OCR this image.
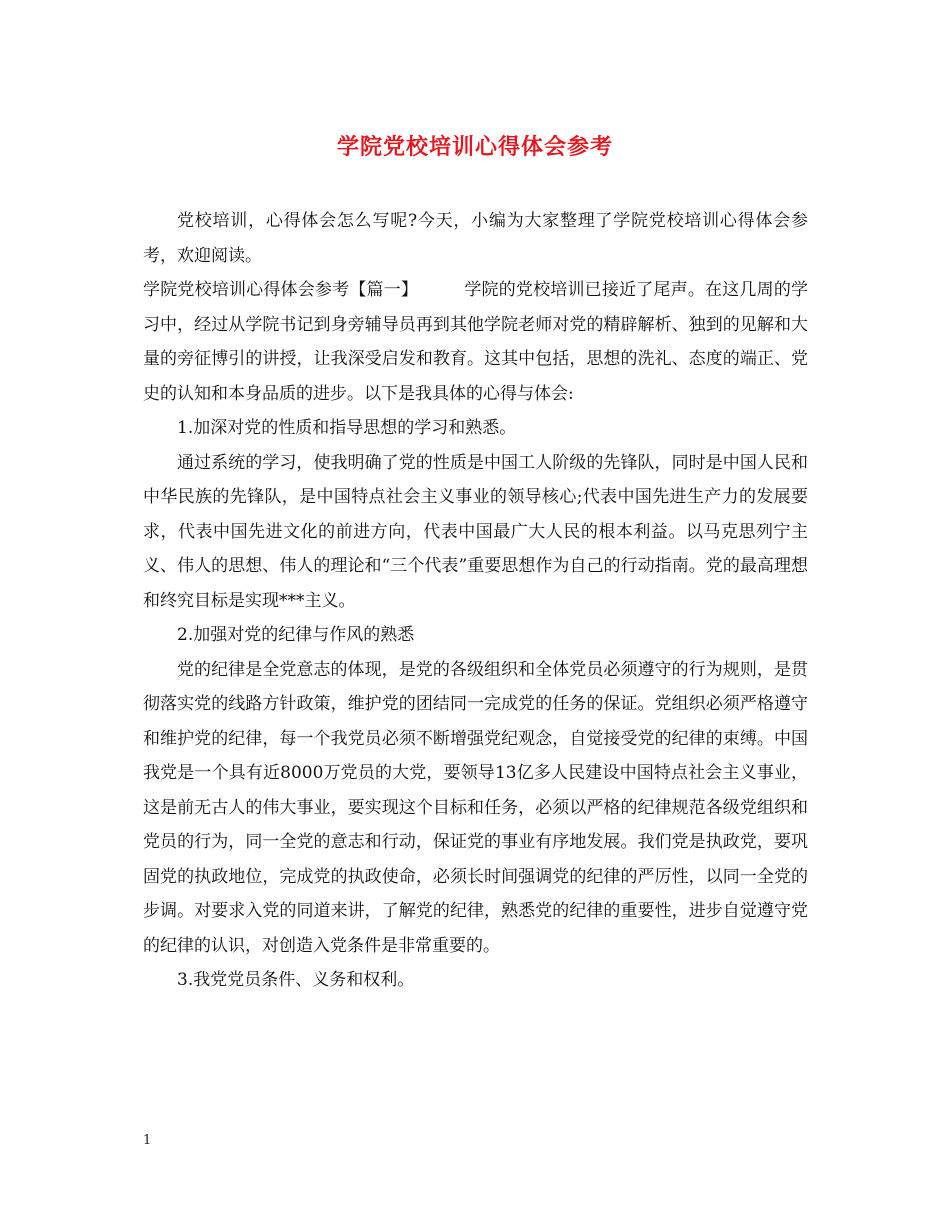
学院党校培训心得体会参考

党校培训，心得体会怎么写呢?今天，小编为大家整理了学院党校培训心得体会参考，欢迎阅读。

学院党校培训心得体会参考【篇一】	学院的党校培训已接近了尾声。在这几周的学习中，经过从学院书记到身旁辅导员再到其他学院老师对党的精辟解析、独到的见解和大量的旁征博引的讲授，让我深受启发和教育。这其中包括，思想的洗礼、态度的端正、党史的认知和本身品质的进步。以下是我具体的心得与体会:

1.加深对党的性质和指导思想的学习和熟悉。

通过系统的学习，使我明确了党的性质是中国工人阶级的先锋队，同时是中国人民和中华民族的先锋队，是中国特点社会主义事业的领导核心;代表中国先进生产力的发展要求，代表中国先进文化的前进方向，代表中国最广大人民的根本利益。以马克思列宁主义、伟人的思想、伟人的理论和“三个代表”重要思想作为自己的行动指南。党的最高理想和终究目标是实现***主义。

2.加强对党的纪律与作风的熟悉

党的纪律是全党意志的体现，是党的各级组织和全体党员必须遵守的行为规则，是贯彻落实党的线路方针政策，维护党的团结同一完成党的任务的保证。党组织必须严格遵守和维护党的纪律，每一个我党员必须不断增强党纪观念，自觉接受党的纪律的束缚。中国我党是一个具有近8000万党员的大党，要领导13亿多人民建设中国特点社会主义事业，这是前无古人的伟大事业，要实现这个目标和任务，必须以严格的纪律规范各级党组织和党员的行为，同一全党的意志和行动，保证党的事业有序地发展。我们党是执政党，要巩固党的执政地位，完成党的执政使命，必须长时间强调党的纪律的严厉性，以同一全党的步调。对要求入党的同道来讲，了解党的纪律，熟悉党的纪律的重要性，进步自觉遵守党的纪律的认识，对创造入党条件是非常重要的。

3.我党党员条件、义务和权利。

1
